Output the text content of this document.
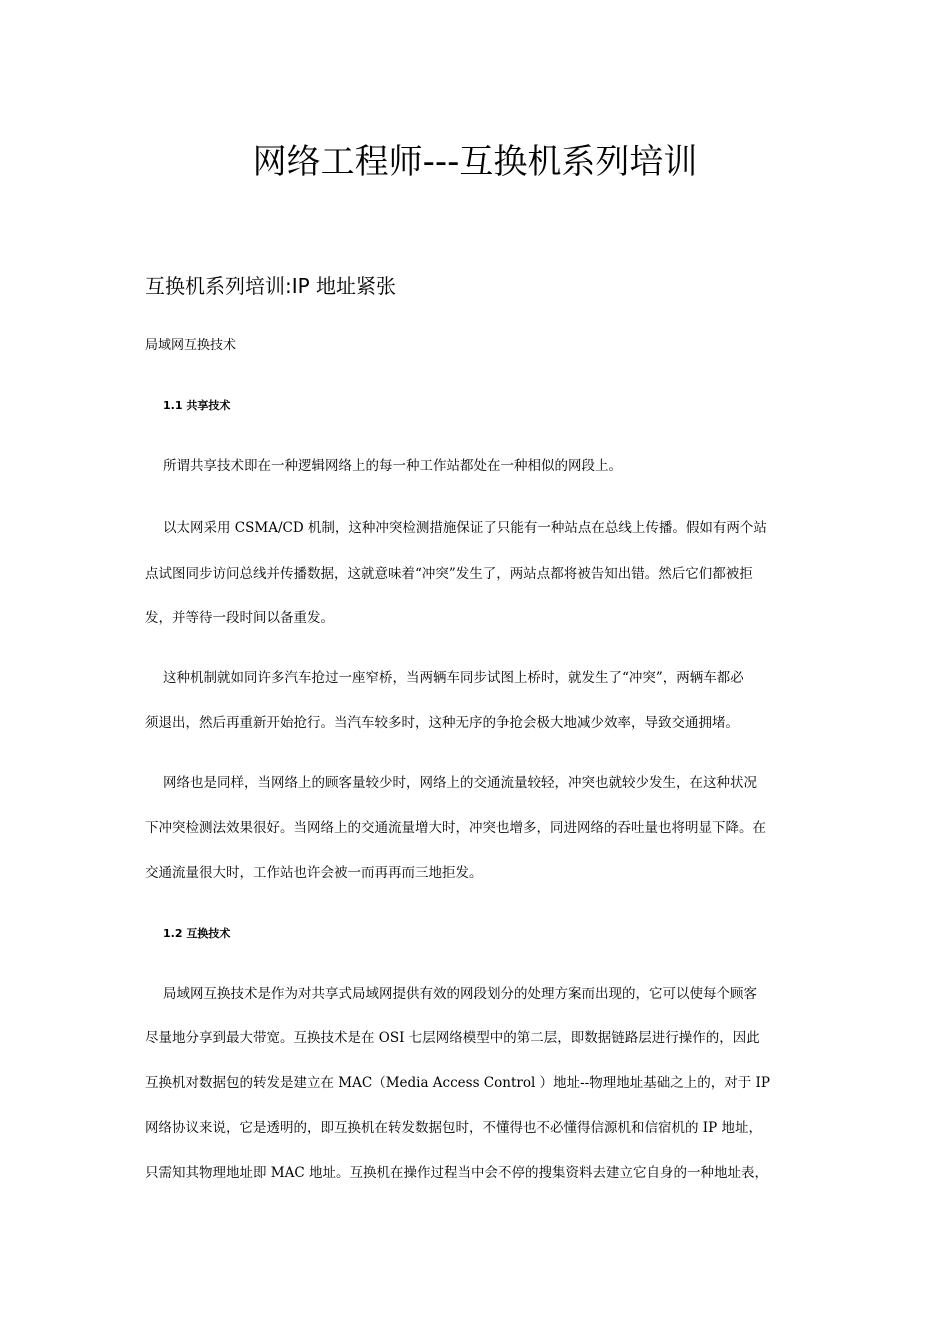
网络工程师---互换机系列培训
互换机系列培训:IP 地址紧张
局域网互换技术
1.1 共享技术
所谓共享技术即在一种逻辑网络上的每一种工作站都处在一种相似的网段上。
以太网采用 CSMA/CD 机制，这种冲突检测措施保证了只能有一种站点在总线上传播。假如有两个站
点试图同步访问总线并传播数据，这就意味着“冲突”发生了，两站点都将被告知出错。然后它们都被拒
发，并等待一段时间以备重发。
这种机制就如同许多汽车抢过一座窄桥，当两辆车同步试图上桥时，就发生了“冲突”，两辆车都必
须退出，然后再重新开始抢行。当汽车较多时，这种无序的争抢会极大地减少效率，导致交通拥堵。
网络也是同样，当网络上的顾客量较少时，网络上的交通流量较轻，冲突也就较少发生，在这种状况
下冲突检测法效果很好。当网络上的交通流量增大时，冲突也增多，同进网络的吞吐量也将明显下降。在
交通流量很大时，工作站也许会被一而再再而三地拒发。
1.2 互换技术
局域网互换技术是作为对共享式局域网提供有效的网段划分的处理方案而出现的，它可以使每个顾客
尽量地分享到最大带宽。互换技术是在 OSI 七层网络模型中的第二层，即数据链路层进行操作的，因此
互换机对数据包的转发是建立在 MAC（Media Access Control ）地址--物理地址基础之上的，对于 IP
网络协议来说，它是透明的，即互换机在转发数据包时，不懂得也不必懂得信源机和信宿机的 IP 地址，
只需知其物理地址即 MAC 地址。互换机在操作过程当中会不停的搜集资料去建立它自身的一种地址表，
